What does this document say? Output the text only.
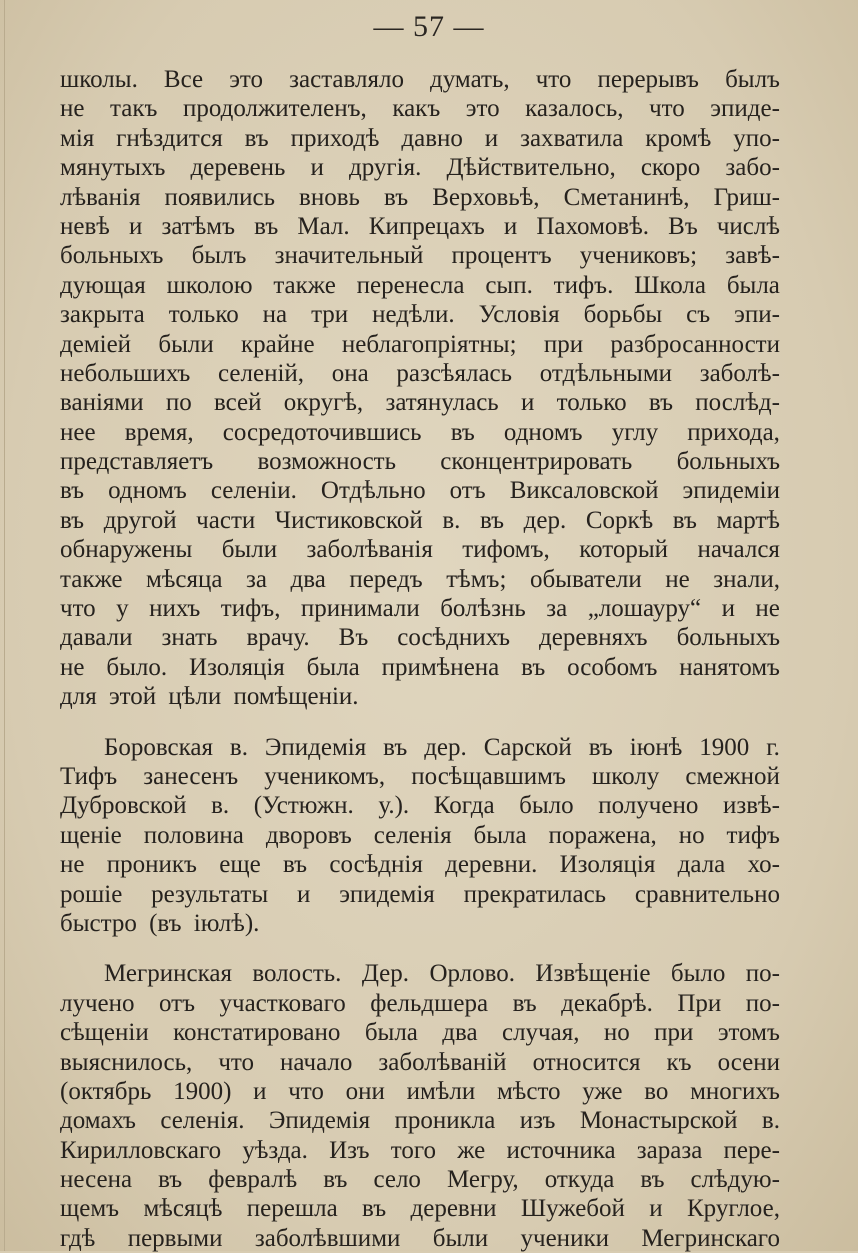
— 57 —
школы. Все это заставляло думать, что перерывъ былъ
не такъ продолжителенъ, какъ это казалось, что эпиде-
мія гнѣздится въ приходѣ давно и захватила кромѣ упо-
мянутыхъ деревень и другія. Дѣйствительно, скоро забо-
лѣванія появились вновь въ Верховьѣ, Сметанинѣ, Гриш-
невѣ и затѣмъ въ Мал. Кипрецахъ и Пахомовѣ. Въ числѣ
больныхъ былъ значительный процентъ учениковъ; завѣ-
дующая школою также перенесла сып. тифъ. Школа была
закрыта только на три недѣли. Условія борьбы съ эпи-
деміей были крайне неблагопріятны; при разбросанности
небольшихъ селеній, она разсѣялась отдѣльными заболѣ-
ваніями по всей округѣ, затянулась и только въ послѣд-
нее время, сосредоточившись въ одномъ углу прихода,
представляетъ возможность сконцентрировать больныхъ
въ одномъ селеніи. Отдѣльно отъ Виксаловской эпидеміи
въ другой части Чистиковской в. въ дер. Соркѣ въ мартѣ
обнаружены были заболѣванія тифомъ, который начался
также мѣсяца за два передъ тѣмъ; обыватели не знали,
что у нихъ тифъ, принимали болѣзнь за „лошауру“ и не
давали знать врачу. Въ сосѣднихъ деревняхъ больныхъ
не было. Изоляція была примѣнена въ особомъ нанятомъ
для этой цѣли помѣщеніи.
Боровская в. Эпидемія въ дер. Сарской въ іюнѣ 1900 г.
Тифъ занесенъ ученикомъ, посѣщавшимъ школу смежной
Дубровской в. (Устюжн. у.). Когда было получено извѣ-
щеніе половина дворовъ селенія была поражена, но тифъ
не проникъ еще въ сосѣднія деревни. Изоляція дала хо-
рошіе результаты и эпидемія прекратилась сравнительно
быстро (въ іюлѣ).
Мегринская волость. Дер. Орлово. Извѣщеніе было по-
лучено отъ участковаго фельдшера въ декабрѣ. При по-
сѣщеніи констатировано была два случая, но при этомъ
выяснилось, что начало заболѣваній относится къ осени
(октябрь 1900) и что они имѣли мѣсто уже во многихъ
домахъ селенія. Эпидемія проникла изъ Монастырской в.
Кирилловскаго уѣзда. Изъ того же источника зараза пере-
несена въ февралѣ въ село Мегру, откуда въ слѣдую-
щемъ мѣсяцѣ перешла въ деревни Шужебой и Круглое,
гдѣ первыми заболѣвшими были ученики Мегринскаго
